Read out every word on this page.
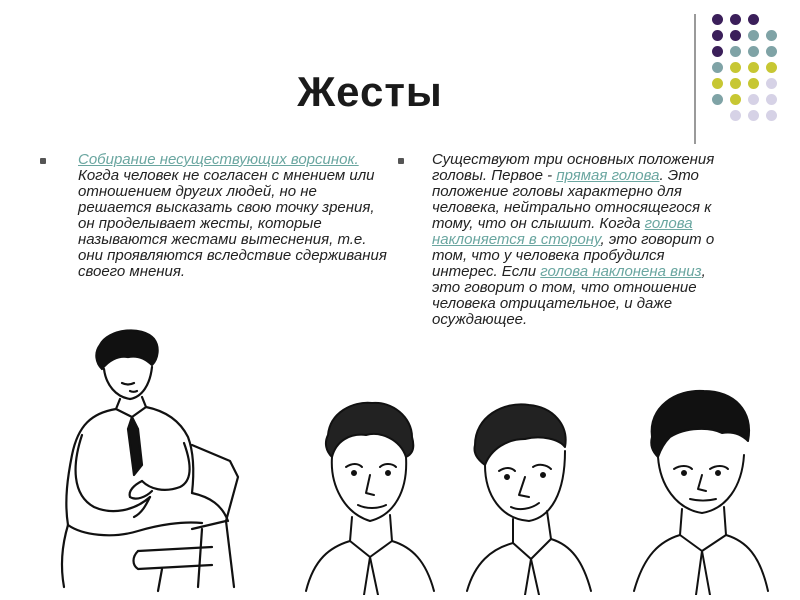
Жесты
Собирание несуществующих ворсинок. Когда человек не согласен с мнением или отношением других людей, но не решается высказать свою точку зрения, он проделывает жесты, которые называются жестами вытеснения, т.е. они проявляются вследствие сдерживания своего мнения.
Существуют три основных положения головы. Первое - прямая голова. Это положение головы характерно для человека, нейтрально относящегося к тому, что он слышит. Когда голова наклоняется в сторону, это говорит о том, что у человека пробудился интерес. Если голова наклонена вниз, это говорит о том, что отношение человека отрицательное, и даже осуждающее.
